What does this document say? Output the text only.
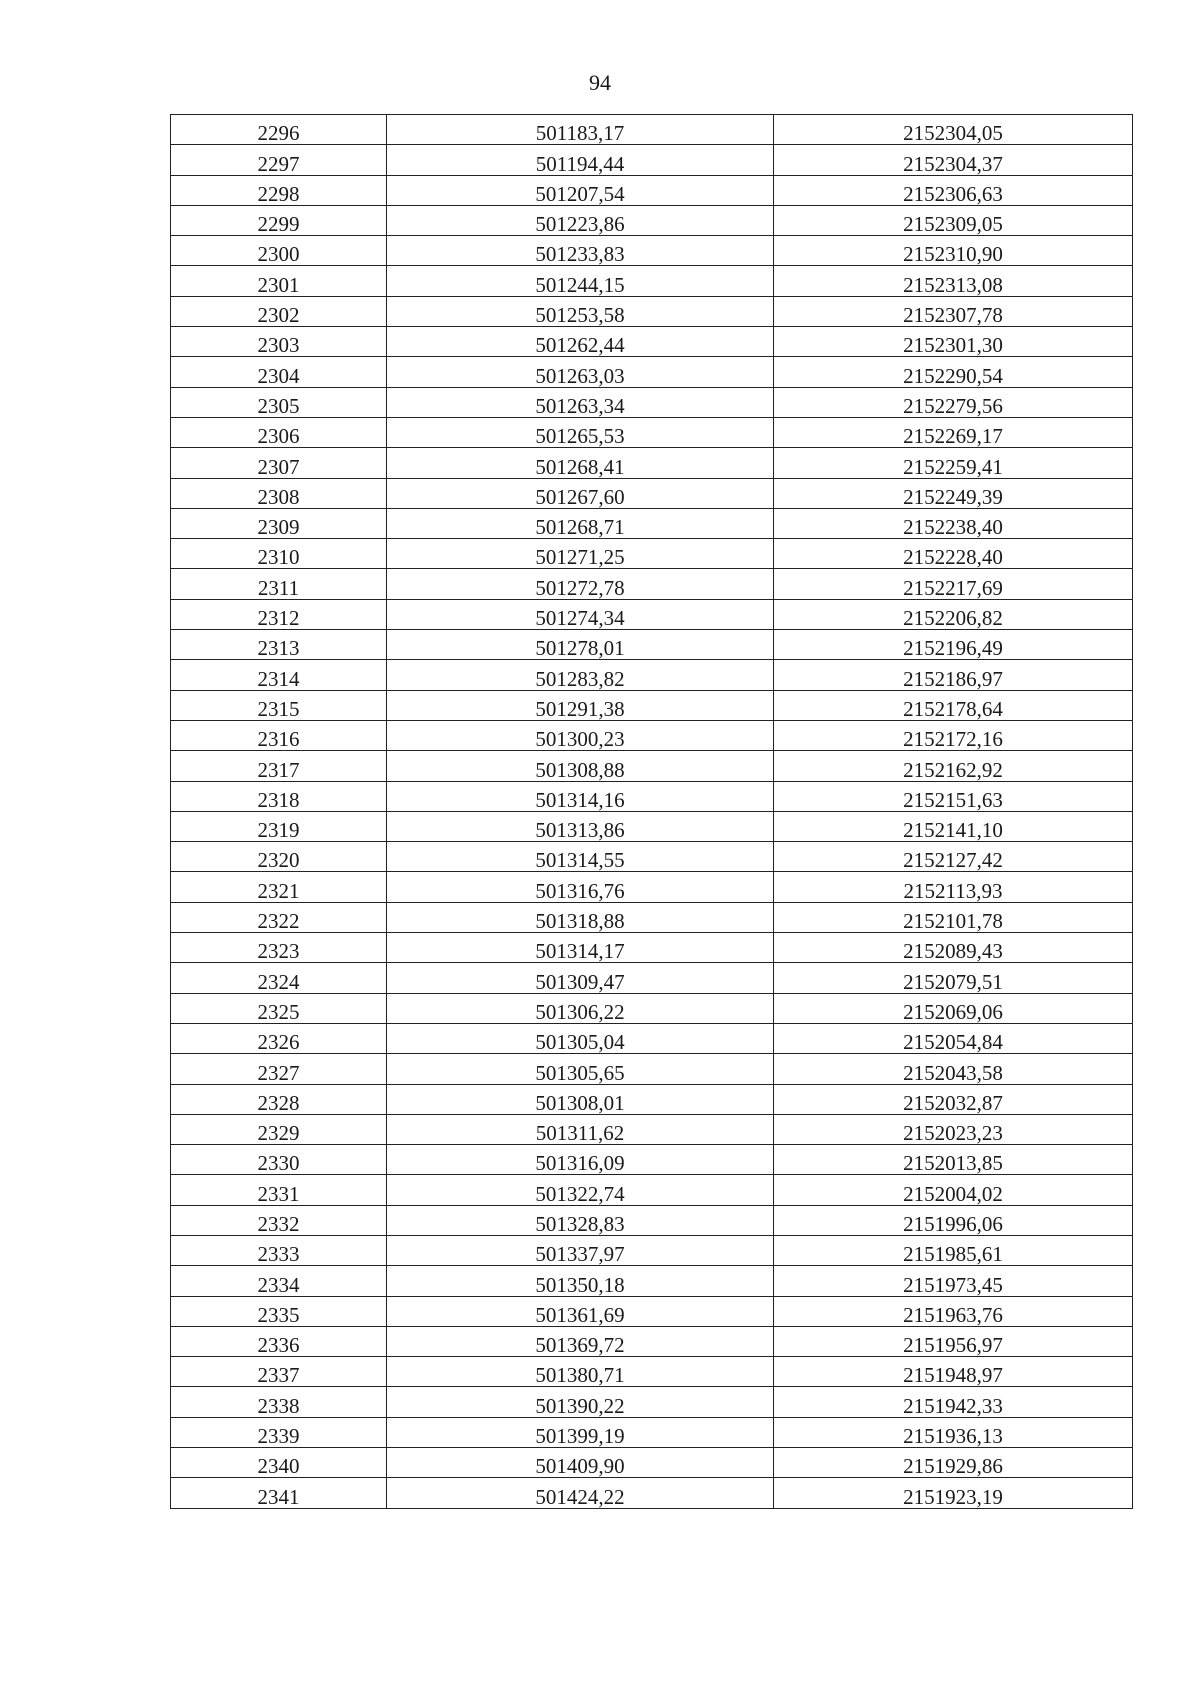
94
2296	501183,17	2152304,05
2297	501194,44	2152304,37
2298	501207,54	2152306,63
2299	501223,86	2152309,05
2300	501233,83	2152310,90
2301	501244,15	2152313,08
2302	501253,58	2152307,78
2303	501262,44	2152301,30
2304	501263,03	2152290,54
2305	501263,34	2152279,56
2306	501265,53	2152269,17
2307	501268,41	2152259,41
2308	501267,60	2152249,39
2309	501268,71	2152238,40
2310	501271,25	2152228,40
2311	501272,78	2152217,69
2312	501274,34	2152206,82
2313	501278,01	2152196,49
2314	501283,82	2152186,97
2315	501291,38	2152178,64
2316	501300,23	2152172,16
2317	501308,88	2152162,92
2318	501314,16	2152151,63
2319	501313,86	2152141,10
2320	501314,55	2152127,42
2321	501316,76	2152113,93
2322	501318,88	2152101,78
2323	501314,17	2152089,43
2324	501309,47	2152079,51
2325	501306,22	2152069,06
2326	501305,04	2152054,84
2327	501305,65	2152043,58
2328	501308,01	2152032,87
2329	501311,62	2152023,23
2330	501316,09	2152013,85
2331	501322,74	2152004,02
2332	501328,83	2151996,06
2333	501337,97	2151985,61
2334	501350,18	2151973,45
2335	501361,69	2151963,76
2336	501369,72	2151956,97
2337	501380,71	2151948,97
2338	501390,22	2151942,33
2339	501399,19	2151936,13
2340	501409,90	2151929,86
2341	501424,22	2151923,19
